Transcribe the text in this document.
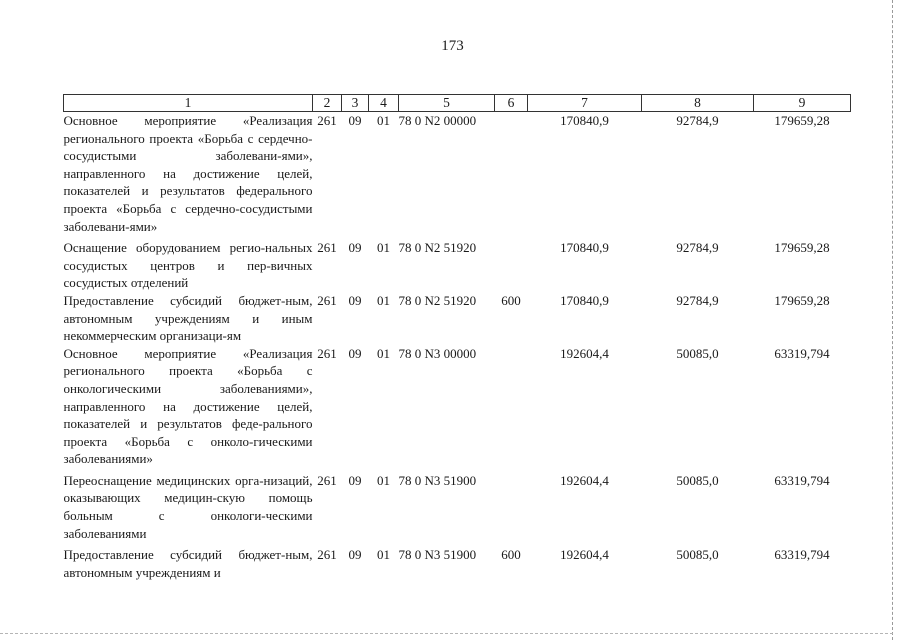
173
1	2	3	4	5	6	7	8	9
Основное мероприятие «Реализация регионального проекта «Борьба с сердечно-сосудистыми заболевани-ями», направленного на достижение целей, показателей и результатов федерального проекта «Борьба с сердечно-сосудистыми заболевани-ями»	261	09	01	78 0 N2 00000		170840,9	92784,9	179659,28
Оснащение оборудованием регио-нальных сосудистых центров и пер-вичных сосудистых отделений	261	09	01	78 0 N2 51920		170840,9	92784,9	179659,28
Предоставление субсидий бюджет-ным, автономным учреждениям и иным некоммерческим организаци-ям	261	09	01	78 0 N2 51920	600	170840,9	92784,9	179659,28
Основное мероприятие «Реализация регионального проекта «Борьба с онкологическими заболеваниями», направленного на достижение целей, показателей и результатов феде-рального проекта «Борьба с онколо-гическими заболеваниями»	261	09	01	78 0 N3 00000		192604,4	50085,0	63319,794
Переоснащение медицинских орга-низаций, оказывающих медицин-скую помощь больным с онкологи-ческими заболеваниями	261	09	01	78 0 N3 51900		192604,4	50085,0	63319,794
Предоставление субсидий бюджет-ным, автономным учреждениям и	261	09	01	78 0 N3 51900	600	192604,4	50085,0	63319,794
